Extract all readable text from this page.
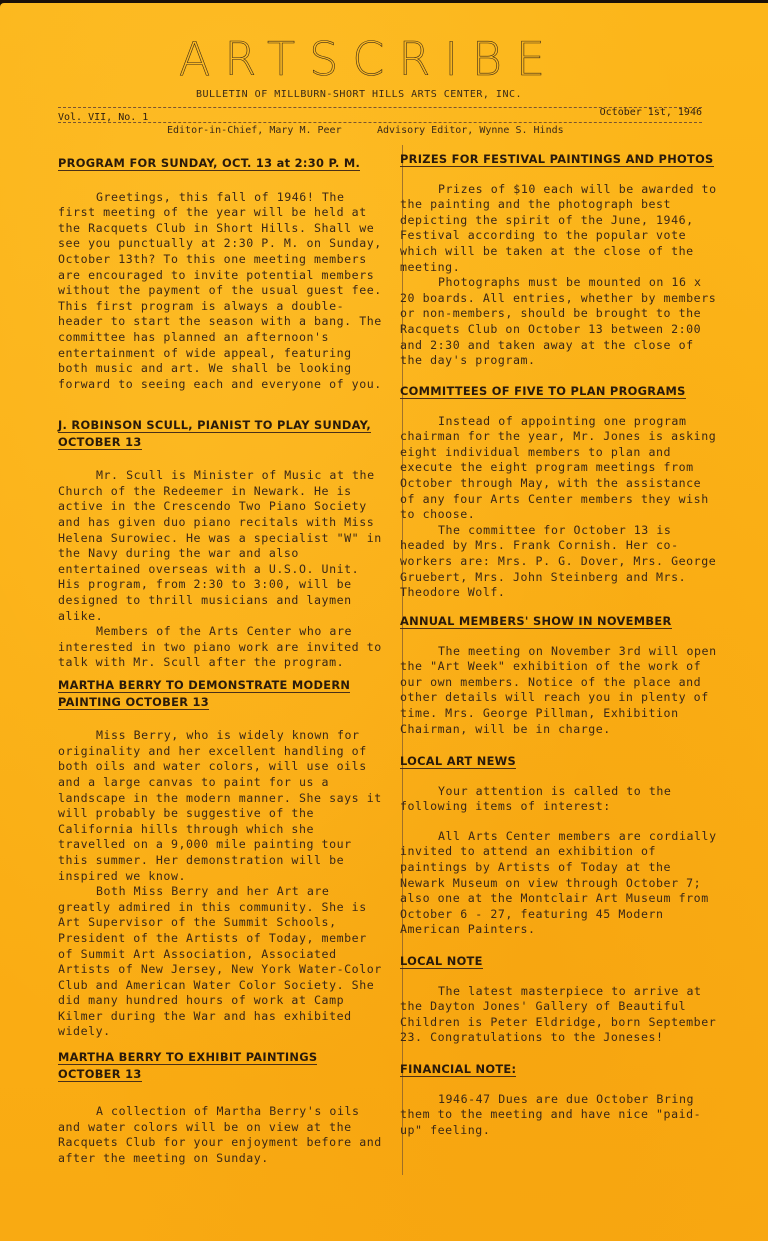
ARTSCRIBE
BULLETIN OF MILLBURN-SHORT HILLS ARTS CENTER, INC.
Vol. VII, No. 1	October 1st, 1946
Editor-in-Chief, Mary M. Peer	Advisory Editor, Wynne S. Hinds
PROGRAM FOR SUNDAY, OCT. 13 at 2:30 P. M.

Greetings, this fall of 1946! The first meeting of the year will be held at the Racquets Club in Short Hills. Shall we see you punctually at 2:30 P. M. on Sunday, October 13th? To this one meeting members are encouraged to invite potential members without the payment of the usual guest fee. This first program is always a double-header to start the season with a bang. The committee has planned an afternoon's entertainment of wide appeal, featuring both music and art. We shall be looking forward to seeing each and everyone of you.

J. ROBINSON SCULL, PIANIST TO PLAY SUNDAY, OCTOBER 13

Mr. Scull is Minister of Music at the Church of the Redeemer in Newark. He is active in the Crescendo Two Piano Society and has given duo piano recitals with Miss Helena Surowiec. He was a specialist "W" in the Navy during the war and also entertained overseas with a U.S.O. Unit. His program, from 2:30 to 3:00, will be designed to thrill musicians and laymen alike.

Members of the Arts Center who are interested in two piano work are invited to talk with Mr. Scull after the program.

MARTHA BERRY TO DEMONSTRATE MODERN PAINTING OCTOBER 13

Miss Berry, who is widely known for originality and her excellent handling of both oils and water colors, will use oils and a large canvas to paint for us a landscape in the modern manner. She says it will probably be suggestive of the California hills through which she travelled on a 9,000 mile painting tour this summer. Her demonstration will be inspired we know.

Both Miss Berry and her Art are greatly admired in this community. She is Art Supervisor of the Summit Schools, President of the Artists of Today, member of Summit Art Association, Associated Artists of New Jersey, New York Water-Color Club and American Water Color Society. She did many hundred hours of work at Camp Kilmer during the War and has exhibited widely.

MARTHA BERRY TO EXHIBIT PAINTINGS OCTOBER 13

A collection of Martha Berry's oils and water colors will be on view at the Racquets Club for your enjoyment before and after the meeting on Sunday.

PRIZES FOR FESTIVAL PAINTINGS AND PHOTOS

Prizes of $10 each will be awarded to the painting and the photograph best depicting the spirit of the June, 1946, Festival according to the popular vote which will be taken at the close of the meeting.

Photographs must be mounted on 16 x 20 boards. All entries, whether by members or non-members, should be brought to the Racquets Club on October 13 between 2:00 and 2:30 and taken away at the close of the day's program.

COMMITTEES OF FIVE TO PLAN PROGRAMS

Instead of appointing one program chairman for the year, Mr. Jones is asking eight individual members to plan and execute the eight program meetings from October through May, with the assistance of any four Arts Center members they wish to choose.

The committee for October 13 is headed by Mrs. Frank Cornish. Her co-workers are: Mrs. P. G. Dover, Mrs. George Gruebert, Mrs. John Steinberg and Mrs. Theodore Wolf.

ANNUAL MEMBERS' SHOW IN NOVEMBER

The meeting on November 3rd will open the "Art Week" exhibition of the work of our own members. Notice of the place and other details will reach you in plenty of time. Mrs. George Pillman, Exhibition Chairman, will be in charge.

LOCAL ART NEWS

Your attention is called to the following items of interest:

All Arts Center members are cordially invited to attend an exhibition of paintings by Artists of Today at the Newark Museum on view through October 7; also one at the Montclair Art Museum from October 6 - 27, featuring 45 Modern American Painters.

LOCAL NOTE

The latest masterpiece to arrive at the Dayton Jones' Gallery of Beautiful Children is Peter Eldridge, born September 23. Congratulations to the Joneses!

FINANCIAL NOTE:

1946-47 Dues are due October Bring them to the meeting and have nice "paid-up" feeling.
